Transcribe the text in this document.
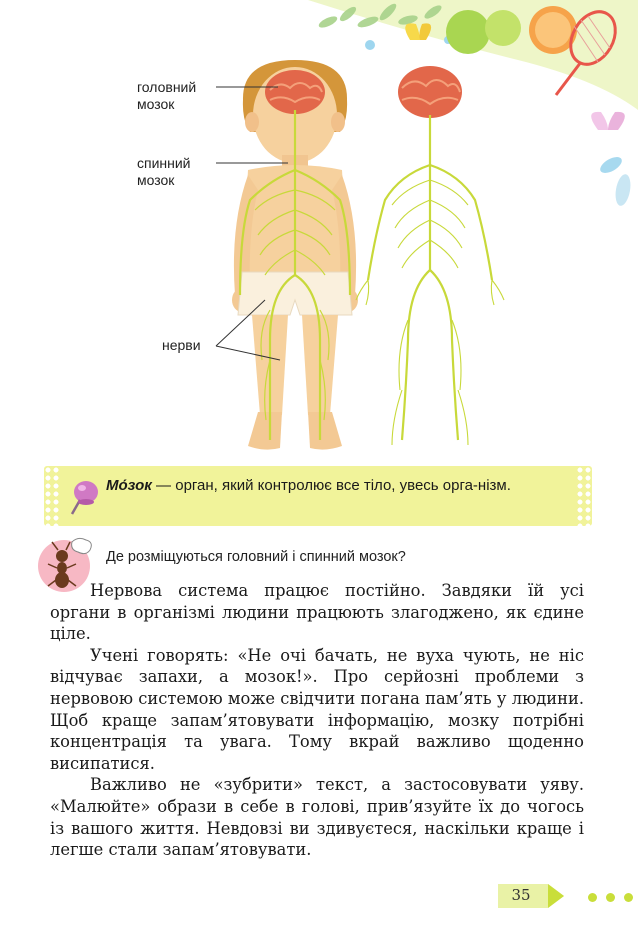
головний
мозок
спинний
мозок
нерви
Мо́зок — орган, який контролює все тіло, увесь орга-нізм.
Де розміщуються головний і спинний мозок?

Нервова система працює постійно. Завдяки їй усі органи в організмі людини працюють злагоджено, як єдине ціле.

Учені говорять: «Не очі бачать, не вуха чують, не ніс відчуває запахи, а мозок!». Про серйозні проблеми з нервовою системою може свідчити погана пам’ять у людини. Щоб краще запам’ятовувати інформацію, мозку потрібні концентрація та увага. Тому вкрай важливо щоденно висипатися.

Важливо не «зубрити» текст, а застосовувати уяву. «Малюйте» образи в себе в голові, прив’язуйте їх до чогось із вашого життя. Невдовзі ви здивуєтеся, наскільки краще і легше стали запам’ятовувати.

35
